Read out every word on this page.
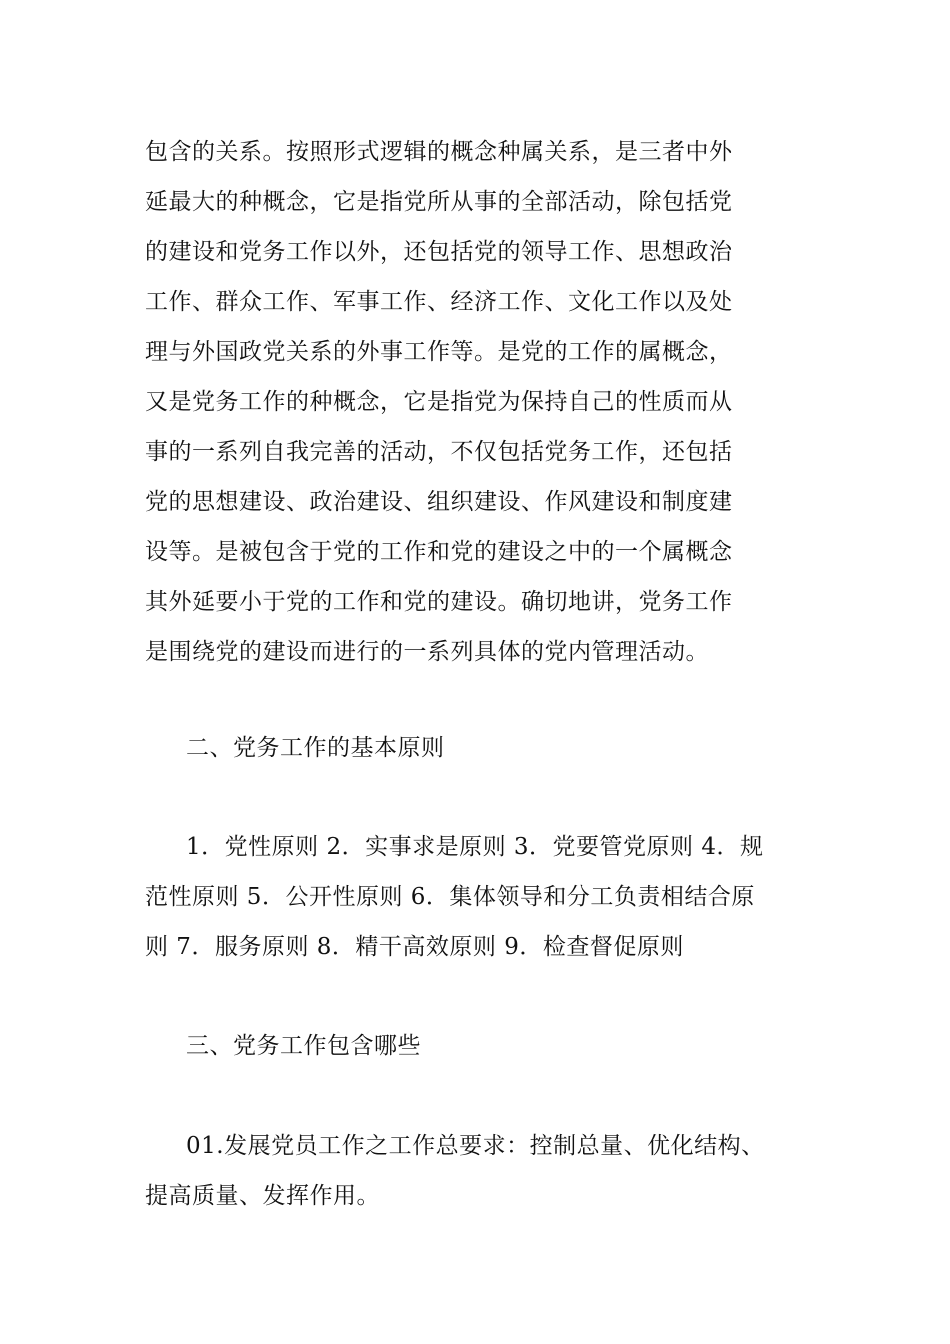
包含的关系。按照形式逻辑的概念种属关系，是三者中外
延最大的种概念，它是指党所从事的全部活动，除包括党
的建设和党务工作以外，还包括党的领导工作、思想政治
工作、群众工作、军事工作、经济工作、文化工作以及处
理与外国政党关系的外事工作等。是党的工作的属概念，
又是党务工作的种概念，它是指党为保持自己的性质而从
事的一系列自我完善的活动，不仅包括党务工作，还包括
党的思想建设、政治建设、组织建设、作风建设和制度建
设等。是被包含于党的工作和党的建设之中的一个属概念
其外延要小于党的工作和党的建设。确切地讲，党务工作
是围绕党的建设而进行的一系列具体的党内管理活动。
二、党务工作的基本原则
1．党性原则 2．实事求是原则 3．党要管党原则 4．规
范性原则 5．公开性原则 6．集体领导和分工负责相结合原
则 7．服务原则 8．精干高效原则 9．检查督促原则
三、党务工作包含哪些
01.发展党员工作之工作总要求：控制总量、优化结构、
提高质量、发挥作用。
